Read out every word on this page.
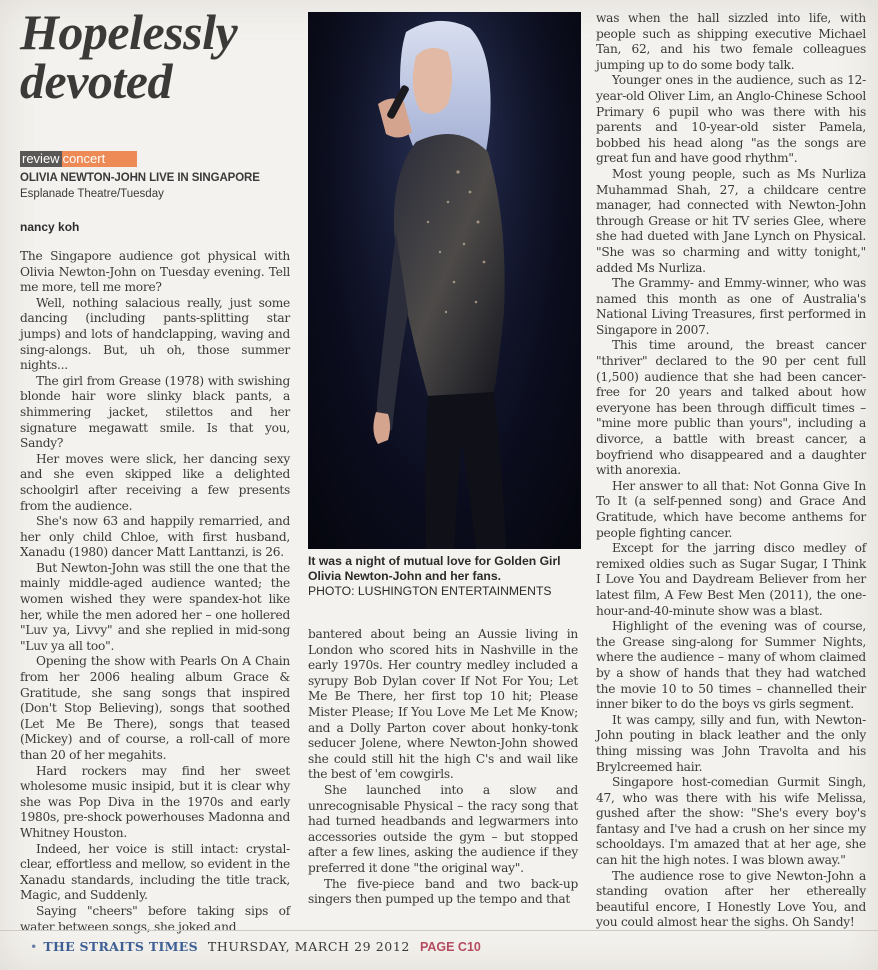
Hopelessly
devoted
review concert
OLIVIA NEWTON-JOHN LIVE IN SINGAPORE
Esplanade Theatre/Tuesday
nancy koh

The Singapore audience got physical with Olivia Newton-John on Tuesday evening. Tell me more, tell me more?

Well, nothing salacious really, just some dancing (including pants-splitting star jumps) and lots of handclapping, waving and sing-alongs. But, uh oh, those summer nights...

The girl from Grease (1978) with swishing blonde hair wore slinky black pants, a shimmering jacket, stilettos and her signature megawatt smile. Is that you, Sandy?

Her moves were slick, her dancing sexy and she even skipped like a delighted schoolgirl after receiving a few presents from the audience.

She's now 63 and happily remarried, and her only child Chloe, with first husband, Xanadu (1980) dancer Matt Lanttanzi, is 26.

But Newton-John was still the one that the mainly middle-aged audience wanted; the women wished they were spandex-hot like her, while the men adored her – one hollered "Luv ya, Livvy" and she replied in mid-song "Luv ya all too".

Opening the show with Pearls On A Chain from her 2006 healing album Grace & Gratitude, she sang songs that inspired (Don't Stop Believing), songs that soothed (Let Me Be There), songs that teased (Mickey) and of course, a roll-call of more than 20 of her megahits.

Hard rockers may find her sweet wholesome music insipid, but it is clear why she was Pop Diva in the 1970s and early 1980s, pre-shock powerhouses Madonna and Whitney Houston.

Indeed, her voice is still intact: crystal-clear, effortless and mellow, so evident in the Xanadu standards, including the title track, Magic, and Suddenly.

Saying "cheers" before taking sips of water between songs, she joked and

It was a night of mutual love for Golden Girl Olivia Newton-John and her fans.
PHOTO: LUSHINGTON ENTERTAINMENTS

bantered about being an Aussie living in London who scored hits in Nashville in the early 1970s. Her country medley included a syrupy Bob Dylan cover If Not For You; Let Me Be There, her first top 10 hit; Please Mister Please; If You Love Me Let Me Know; and a Dolly Parton cover about honky-tonk seducer Jolene, where Newton-John showed she could still hit the high C's and wail like the best of 'em cowgirls.

She launched into a slow and unrecognisable Physical – the racy song that had turned headbands and legwarmers into accessories outside the gym – but stopped after a few lines, asking the audience if they preferred it done "the original way".

The five-piece band and two back-up singers then pumped up the tempo and that

was when the hall sizzled into life, with people such as shipping executive Michael Tan, 62, and his two female colleagues jumping up to do some body talk.

Younger ones in the audience, such as 12-year-old Oliver Lim, an Anglo-Chinese School Primary 6 pupil who was there with his parents and 10-year-old sister Pamela, bobbed his head along "as the songs are great fun and have good rhythm".

Most young people, such as Ms Nurliza Muhammad Shah, 27, a childcare centre manager, had connected with Newton-John through Grease or hit TV series Glee, where she had dueted with Jane Lynch on Physical. "She was so charming and witty tonight," added Ms Nurliza.

The Grammy- and Emmy-winner, who was named this month as one of Australia's National Living Treasures, first performed in Singapore in 2007.

This time around, the breast cancer "thriver" declared to the 90 per cent full (1,500) audience that she had been cancer-free for 20 years and talked about how everyone has been through difficult times – "mine more public than yours", including a divorce, a battle with breast cancer, a boyfriend who disappeared and a daughter with anorexia.

Her answer to all that: Not Gonna Give In To It (a self-penned song) and Grace And Gratitude, which have become anthems for people fighting cancer.

Except for the jarring disco medley of remixed oldies such as Sugar Sugar, I Think I Love You and Daydream Believer from her latest film, A Few Best Men (2011), the one-hour-and-40-minute show was a blast.

Highlight of the evening was of course, the Grease sing-along for Summer Nights, where the audience – many of whom claimed by a show of hands that they had watched the movie 10 to 50 times – channelled their inner biker to do the boys vs girls segment.

It was campy, silly and fun, with Newton-John pouting in black leather and the only thing missing was John Travolta and his Brylcreemed hair.

Singapore host-comedian Gurmit Singh, 47, who was there with his wife Melissa, gushed after the show: "She's every boy's fantasy and I've had a crush on her since my schooldays. I'm amazed that at her age, she can hit the high notes. I was blown away."

The audience rose to give Newton-John a standing ovation after her ethereally beautiful encore, I Honestly Love You, and you could almost hear the sighs. Oh Sandy!

• THE STRAITS TIMES THURSDAY, MARCH 29 2012 PAGE C10
